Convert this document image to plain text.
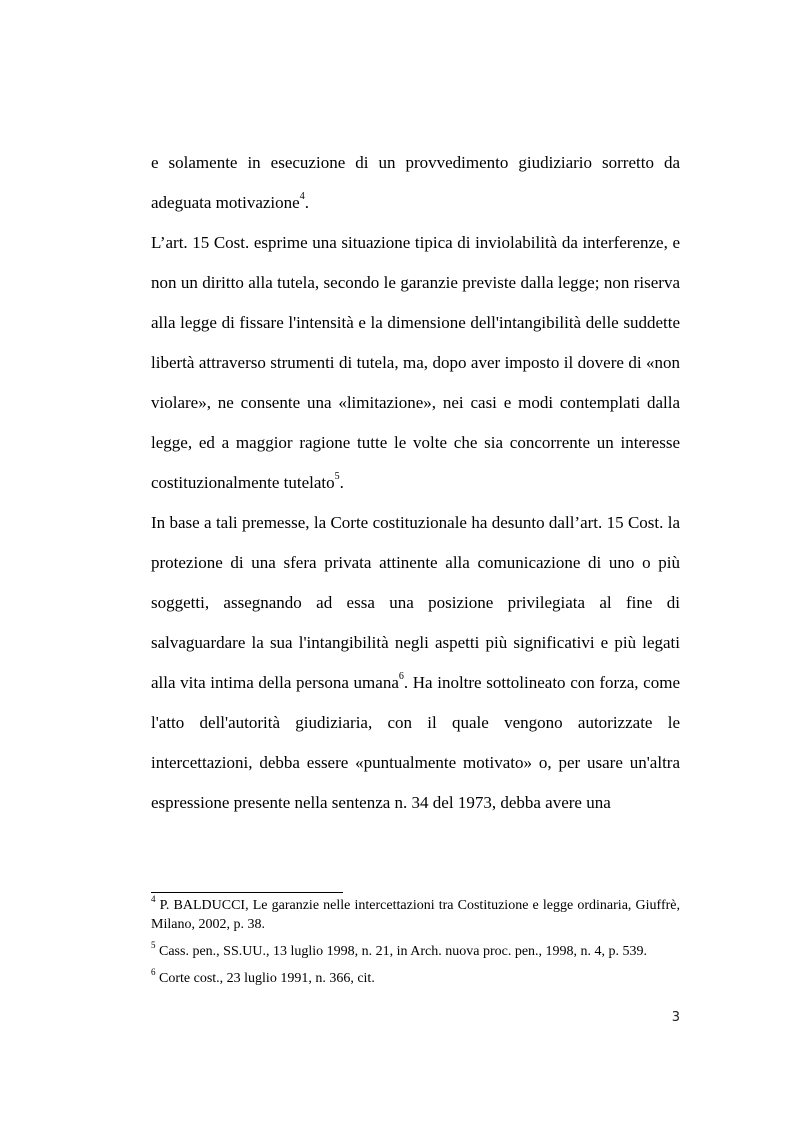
e solamente in esecuzione di un provvedimento giudiziario sorretto da adeguata motivazione$^4$.

L’art. 15 Cost. esprime una situazione tipica di inviolabilità da interferenze, e non un diritto alla tutela, secondo le garanzie previste dalla legge; non riserva alla legge di fissare l'intensità e la dimensione dell'intangibilità delle suddette libertà attraverso strumenti di tutela, ma, dopo aver imposto il dovere di «non violare», ne consente una «limitazione», nei casi e modi contemplati dalla legge, ed a maggior ragione tutte le volte che sia concorrente un interesse costituzionalmente tutelato$^5$.

In base a tali premesse, la Corte costituzionale ha desunto dall’art. 15 Cost. la protezione di una sfera privata attinente alla comunicazione di uno o più soggetti, assegnando ad essa una posizione privilegiata al fine di salvaguardare la sua l'intangibilità negli aspetti più significativi e più legati alla vita intima della persona umana$^6$. Ha inoltre sottolineato con forza, come l'atto dell'autorità giudiziaria, con il quale vengono autorizzate le intercettazioni, debba essere «puntualmente motivato» o, per usare un'altra espressione presente nella sentenza n. 34 del 1973, debba avere una

$^4$ P. BALDUCCI, Le garanzie nelle intercettazioni tra Costituzione e legge ordinaria, Giuffrè, Milano, 2002, p. 38.

$^5$ Cass. pen., SS.UU., 13 luglio 1998, n. 21, in Arch. nuova proc. pen., 1998, n. 4, p. 539.

$^6$ Corte cost., 23 luglio 1991, n. 366, cit.

3
